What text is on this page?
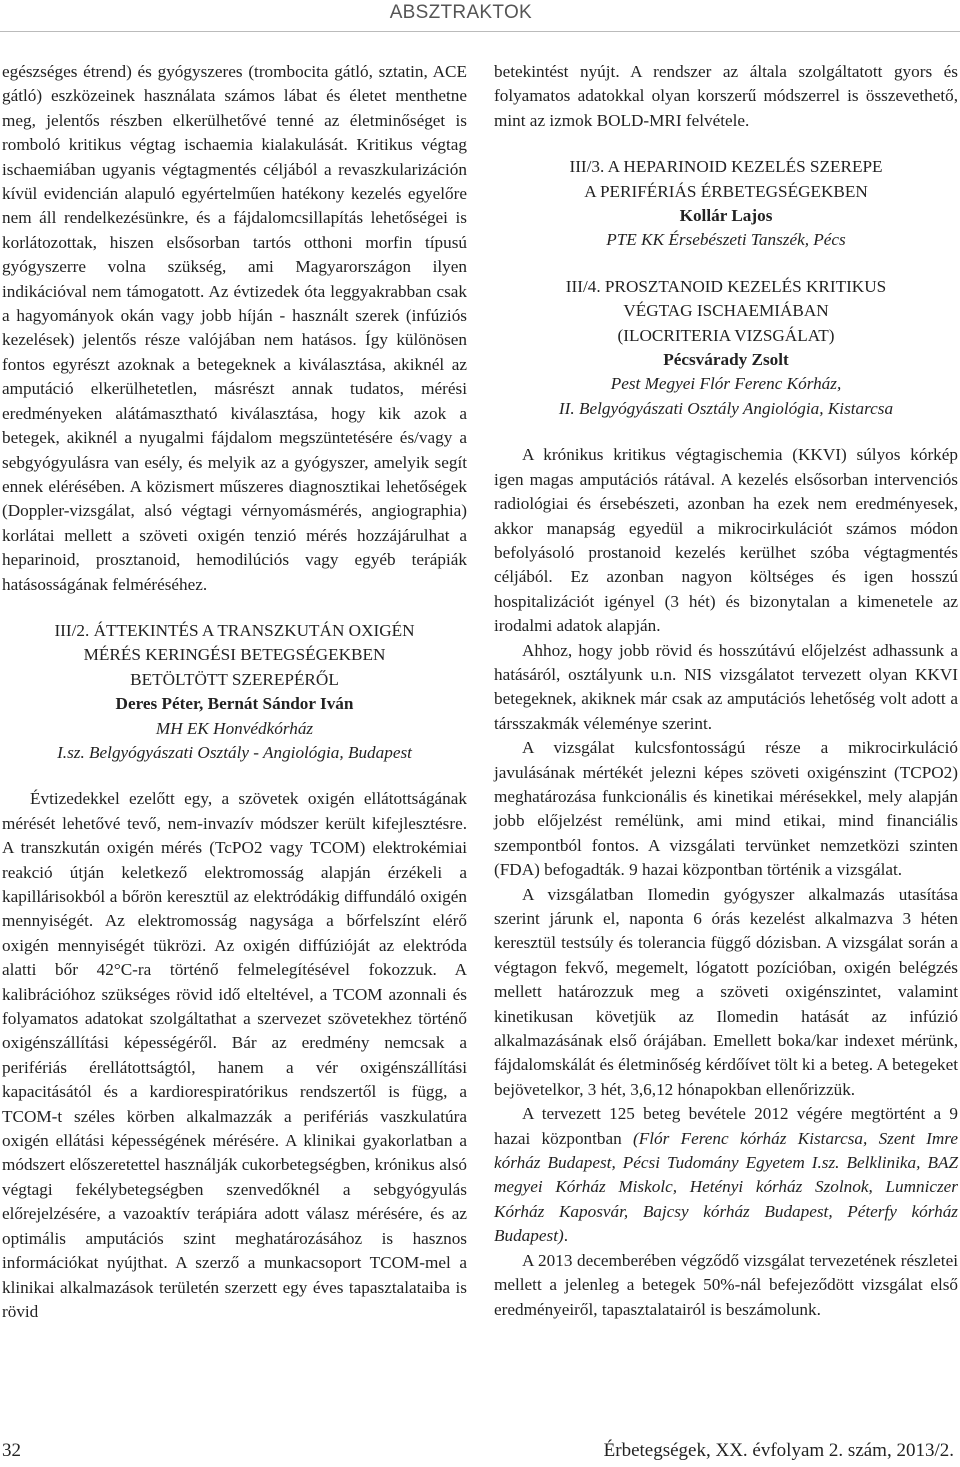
ABSZTRAKTOK

egészséges étrend) és gyógyszeres (trombocita gátló, sztatin, ACE gátló) eszközeinek használata számos lábat és életet menthetne meg, jelentős részben elkerülhetővé tenné az életminőséget is romboló kritikus végtag ischaemia kialakulását. Kritikus végtag ischaemiában ugyanis végtagmentés céljából a revaszkularizáción kívül evidencián alapuló egyértelműen hatékony kezelés egyelőre nem áll rendelkezésünkre, és a fájdalomcsillapítás lehetőségei is korlátozottak, hiszen elsősorban tartós otthoni morfin típusú gyógyszerre volna szükség, ami Magyarországon ilyen indikációval nem támogatott. Az évtizedek óta leggyakrabban csak a hagyományok okán vagy jobb híján - használt szerek (infúziós kezelések) jelentős része valójában nem hatásos. Így különösen fontos egyrészt azoknak a betegeknek a kiválasztása, akiknél az amputáció elkerülhetetlen, másrészt annak tudatos, mérési eredményeken alátámasztható kiválasztása, hogy kik azok a betegek, akiknél a nyugalmi fájdalom megszüntetésére és/vagy a sebgyógyulásra van esély, és melyik az a gyógyszer, amelyik segít ennek elérésében. A közismert műszeres diagnosztikai lehetőségek (Doppler-vizsgálat, alsó végtagi vérnyomásmérés, angiographia) korlátai mellett a szöveti oxigén tenzió mérés hozzájárulhat a heparinoid, prosztanoid, hemodilúciós vagy egyéb terápiák hatásosságának felméréséhez.

III/2. ÁTTEKINTÉS A TRANSZKUTÁN OXIGÉN
MÉRÉS KERINGÉSI BETEGSÉGEKBEN
BETÖLTÖTT SZEREPÉRŐL
Deres Péter, Bernát Sándor Iván
MH EK Honvédkórház
I.sz. Belgyógyászati Osztály - Angiológia, Budapest

Évtizedekkel ezelőtt egy, a szövetek oxigén ellátottságának mérését lehetővé tevő, nem-invazív módszer került kifejlesztésre. A transzkután oxigén mérés (TcPO2 vagy TCOM) elektrokémiai reakció útján keletkező elektromosság alapján érzékeli a kapillárisokból a bőrön keresztül az elektródákig diffundáló oxigén mennyiségét. Az elektromosság nagysága a bőrfelszínt elérő oxigén mennyiségét tükrözi. Az oxigén diffúzióját az elektróda alatti bőr 42°C-ra történő felmelegítésével fokozzuk. A kalibrációhoz szükséges rövid idő elteltével, a TCOM azonnali és folyamatos adatokat szolgáltathat a szervezet szövetekhez történő oxigénszállítási képességéről. Bár az eredmény nemcsak a perifériás érellátottságtól, hanem a vér oxigénszállítási kapacitásától és a kardiorespiratórikus rendszertől is függ, a TCOM-t széles körben alkalmazzák a perifériás vaszkulatúra oxigén ellátási képességének mérésére. A klinikai gyakorlatban a módszert előszeretettel használják cukorbetegségben, krónikus alsó végtagi fekélybetegségben szenvedőknél a sebgyógyulás előrejelzésére, a vazoaktív terápiára adott válasz mérésére, és az optimális amputációs szint meghatározásához is hasznos információkat nyújthat. A szerző a munkacsoport TCOM-mel a klinikai alkalmazások területén szerzett egy éves tapasztalataiba is rövid

betekintést nyújt. A rendszer az általa szolgáltatott gyors és folyamatos adatokkal olyan korszerű módszerrel is összevethető, mint az izmok BOLD-MRI felvétele.

III/3. A HEPARINOID KEZELÉS SZEREPE
A PERIFÉRIÁS ÉRBETEGSÉGEKBEN
Kollár Lajos
PTE KK Érsebészeti Tanszék, Pécs
III/4. PROSZTANOID KEZELÉS KRITIKUS
VÉGTAG ISCHAEMIÁBAN
(ILOCRITERIA VIZSGÁLAT)
Pécsvárady Zsolt
Pest Megyei Flór Ferenc Kórház,
II. Belgyógyászati Osztály Angiológia, Kistarcsa

A krónikus kritikus végtagischemia (KKVI) súlyos kórkép igen magas amputációs rátával. A kezelés elsősorban intervenciós radiológiai és érsebészeti, azonban ha ezek nem eredményesek, akkor manapság egyedül a mikrocirkulációt számos módon befolyásoló prostanoid kezelés kerülhet szóba végtagmentés céljából. Ez azonban nagyon költséges és igen hosszú hospitalizációt igényel (3 hét) és bizonytalan a kimenetele az irodalmi adatok alapján.

Ahhoz, hogy jobb rövid és hosszútávú előjelzést adhassunk a hatásáról, osztályunk u.n. NIS vizsgálatot tervezett olyan KKVI betegeknek, akiknek már csak az amputációs lehetőség volt adott a társszakmák véleménye szerint.

A vizsgálat kulcsfontosságú része a mikrocirkuláció javulásának mértékét jelezni képes szöveti oxigénszint (TCPO2) meghatározása funkcionális és kinetikai mérésekkel, mely alapján jobb előjelzést remélünk, ami mind etikai, mind financiális szempontból fontos. A vizsgálati tervünket nemzetközi szinten (FDA) befogadták. 9 hazai központban történik a vizsgálat.

A vizsgálatban Ilomedin gyógyszer alkalmazás utasítása szerint járunk el, naponta 6 órás kezelést alkalmazva 3 héten keresztül testsúly és tolerancia függő dózisban. A vizsgálat során a végtagon fekvő, megemelt, lógatott pozícióban, oxigén belégzés mellett határozzuk meg a szöveti oxigénszintet, valamint kinetikusan követjük az Ilomedin hatását az infúzió alkalmazásának első órájában. Emellett boka/kar indexet mérünk, fájdalomskálát és életminőség kérdőívet tölt ki a beteg. A betegeket bejövetelkor, 3 hét, 3,6,12 hónapokban ellenőrizzük.

A tervezett 125 beteg bevétele 2012 végére megtörtént a 9 hazai központban (Flór Ferenc kórház Kistarcsa, Szent Imre kórház Budapest, Pécsi Tudomány Egyetem I.sz. Belklinika, BAZ megyei Kórház Miskolc, Hetényi kórház Szolnok, Lumniczer Kórház Kaposvár, Bajcsy kórház Budapest, Péterfy kórház Budapest).

A 2013 decemberében végződő vizsgálat tervezetének részletei mellett a jelenleg a betegek 50%-nál befejeződött vizsgálat első eredményeiről, tapasztalatairól is beszámolunk.

32	Érbetegségek, XX. évfolyam 2. szám, 2013/2.
